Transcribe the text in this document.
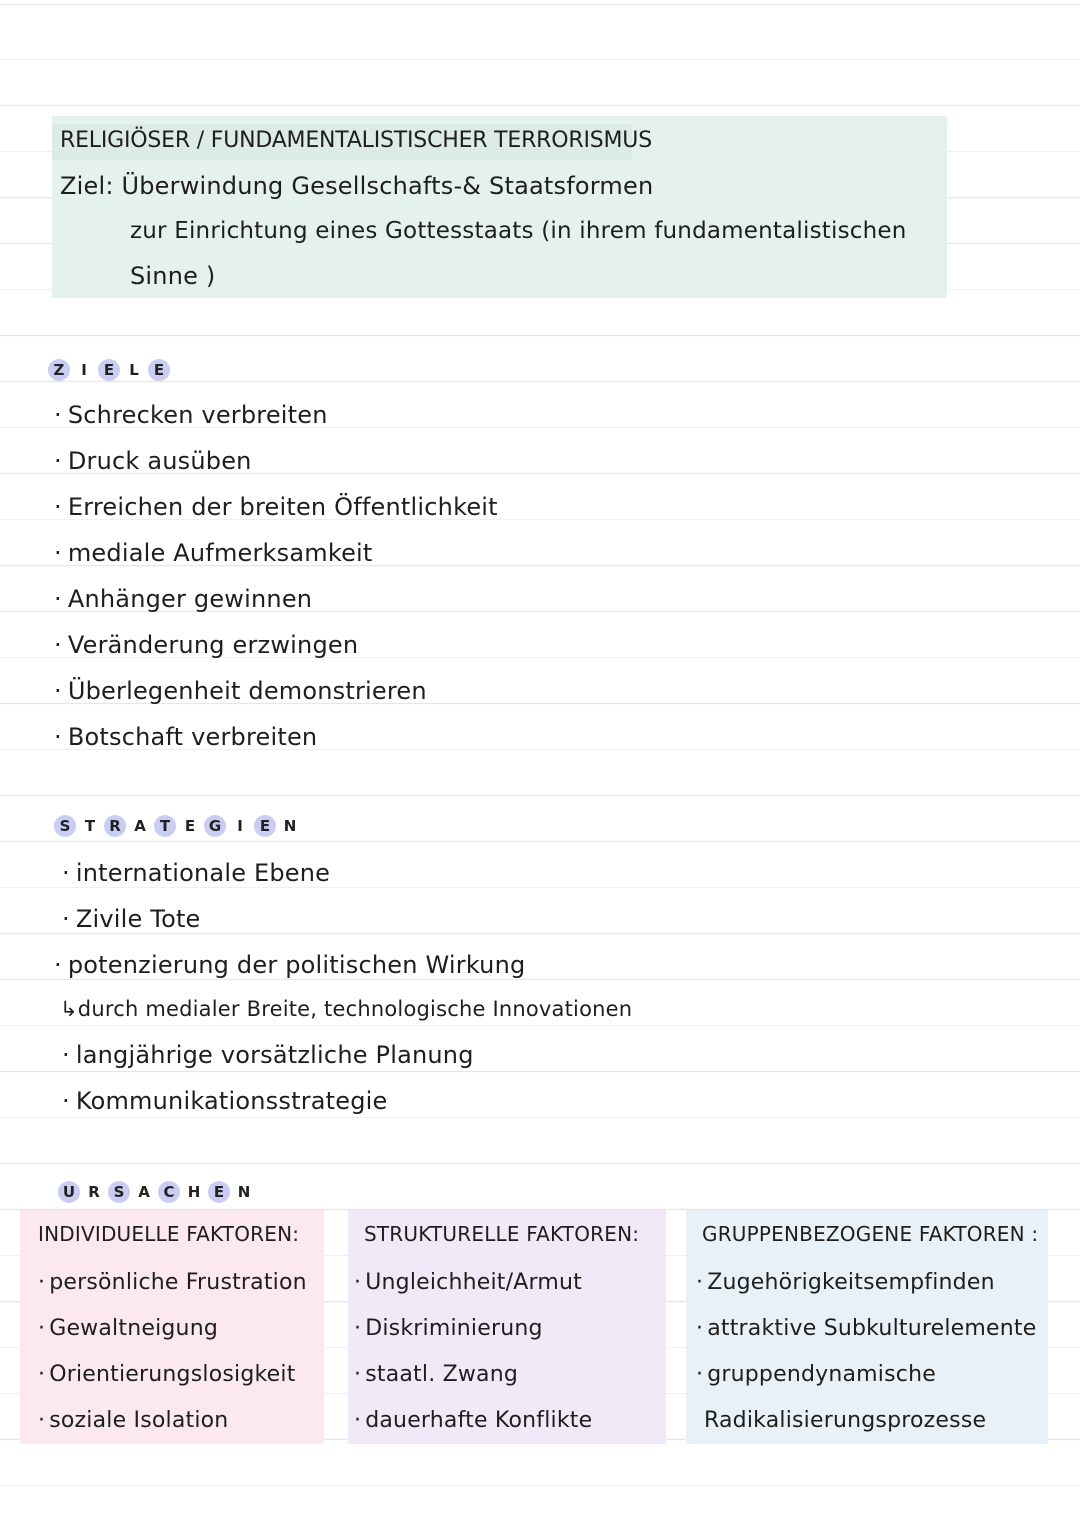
RELIGIÖSER / FUNDAMENTALISTISCHER TERRORISMUS
Ziel: Überwindung Gesellschafts-& Staatsformen
zur Einrichtung eines Gottesstaats (in ihrem fundamentalistischen
Sinne )
Z	I	E	L	E
· Schrecken verbreiten
· Druck ausüben
· Erreichen der breiten Öffentlichkeit
· mediale Aufmerksamkeit
· Anhänger gewinnen
· Veränderung erzwingen
· Überlegenheit demonstrieren
· Botschaft verbreiten
S T R A T E G	I	E N
· internationale Ebene
· Zivile Tote
· potenzierung der politischen Wirkung
↳durch medialer Breite, technologische Innovationen
· langjährige vorsätzliche Planung
· Kommunikationsstrategie
U R S A C H E N
INDIVIDUELLE FAKTOREN:
· persönliche Frustration
· Gewaltneigung
· Orientierungslosigkeit
· soziale Isolation
STRUKTURELLE FAKTOREN:
· Ungleichheit/Armut
· Diskriminierung
· staatl. Zwang
· dauerhafte Konflikte
GRUPPENBEZOGENE FAKTOREN :
· Zugehörigkeitsempfinden
· attraktive Subkulturelemente
· gruppendynamische
Radikalisierungsprozesse
